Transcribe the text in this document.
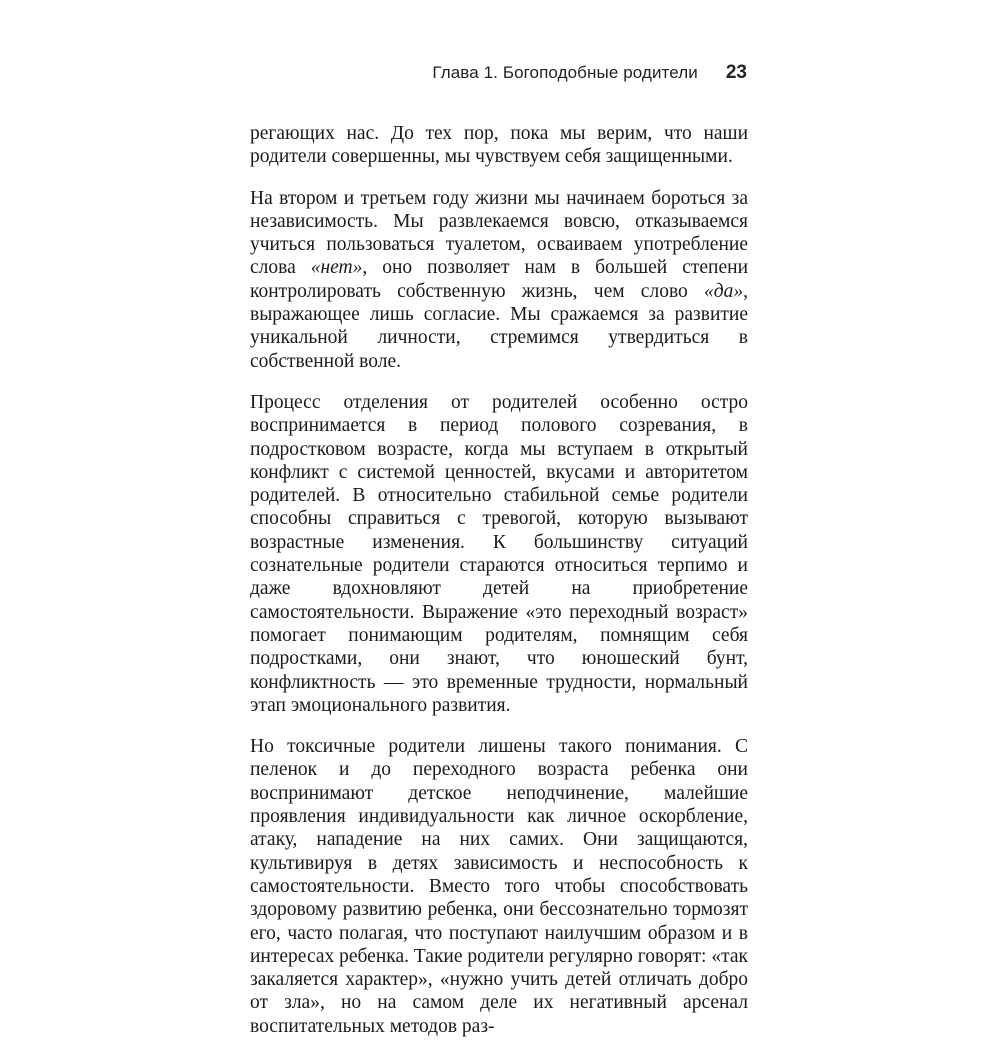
Глава 1. Богоподобные родители 23

регающих нас. До тех пор, пока мы верим, что наши родители совершенны, мы чувствуем себя защищенными.

На втором и третьем году жизни мы начинаем бороться за независимость. Мы развлекаемся вовсю, отказываемся учиться пользоваться туалетом, осваиваем употребление слова «нет», оно позволяет нам в большей степени контролировать собственную жизнь, чем слово «да», выражающее лишь согласие. Мы сражаемся за развитие уникальной личности, стремимся утвердиться в собственной воле.

Процесс отделения от родителей особенно остро воспринимается в период полового созревания, в подростковом возрасте, когда мы вступаем в открытый конфликт с системой ценностей, вкусами и авторитетом родителей. В относительно стабильной семье родители способны справиться с тревогой, которую вызывают возрастные изменения. К большинству ситуаций сознательные родители стараются относиться терпимо и даже вдохновляют детей на приобретение самостоятельности. Выражение «это переходный возраст» помогает понимающим родителям, помнящим себя подростками, они знают, что юношеский бунт, конфликтность — это временные трудности, нормальный этап эмоционального развития.

Но токсичные родители лишены такого понимания. С пеленок и до переходного возраста ребенка они воспринимают детское неподчинение, малейшие проявления индивидуальности как личное оскорбление, атаку, нападение на них самих. Они защищаются, культивируя в детях зависимость и неспособность к самостоятельности. Вместо того чтобы способствовать здоровому развитию ребенка, они бессознательно тормозят его, часто полагая, что поступают наилучшим образом и в интересах ребенка. Такие родители регулярно говорят: «так закаляется характер», «нужно учить детей отличать добро от зла», но на самом деле их негативный арсенал воспитательных методов раз-
